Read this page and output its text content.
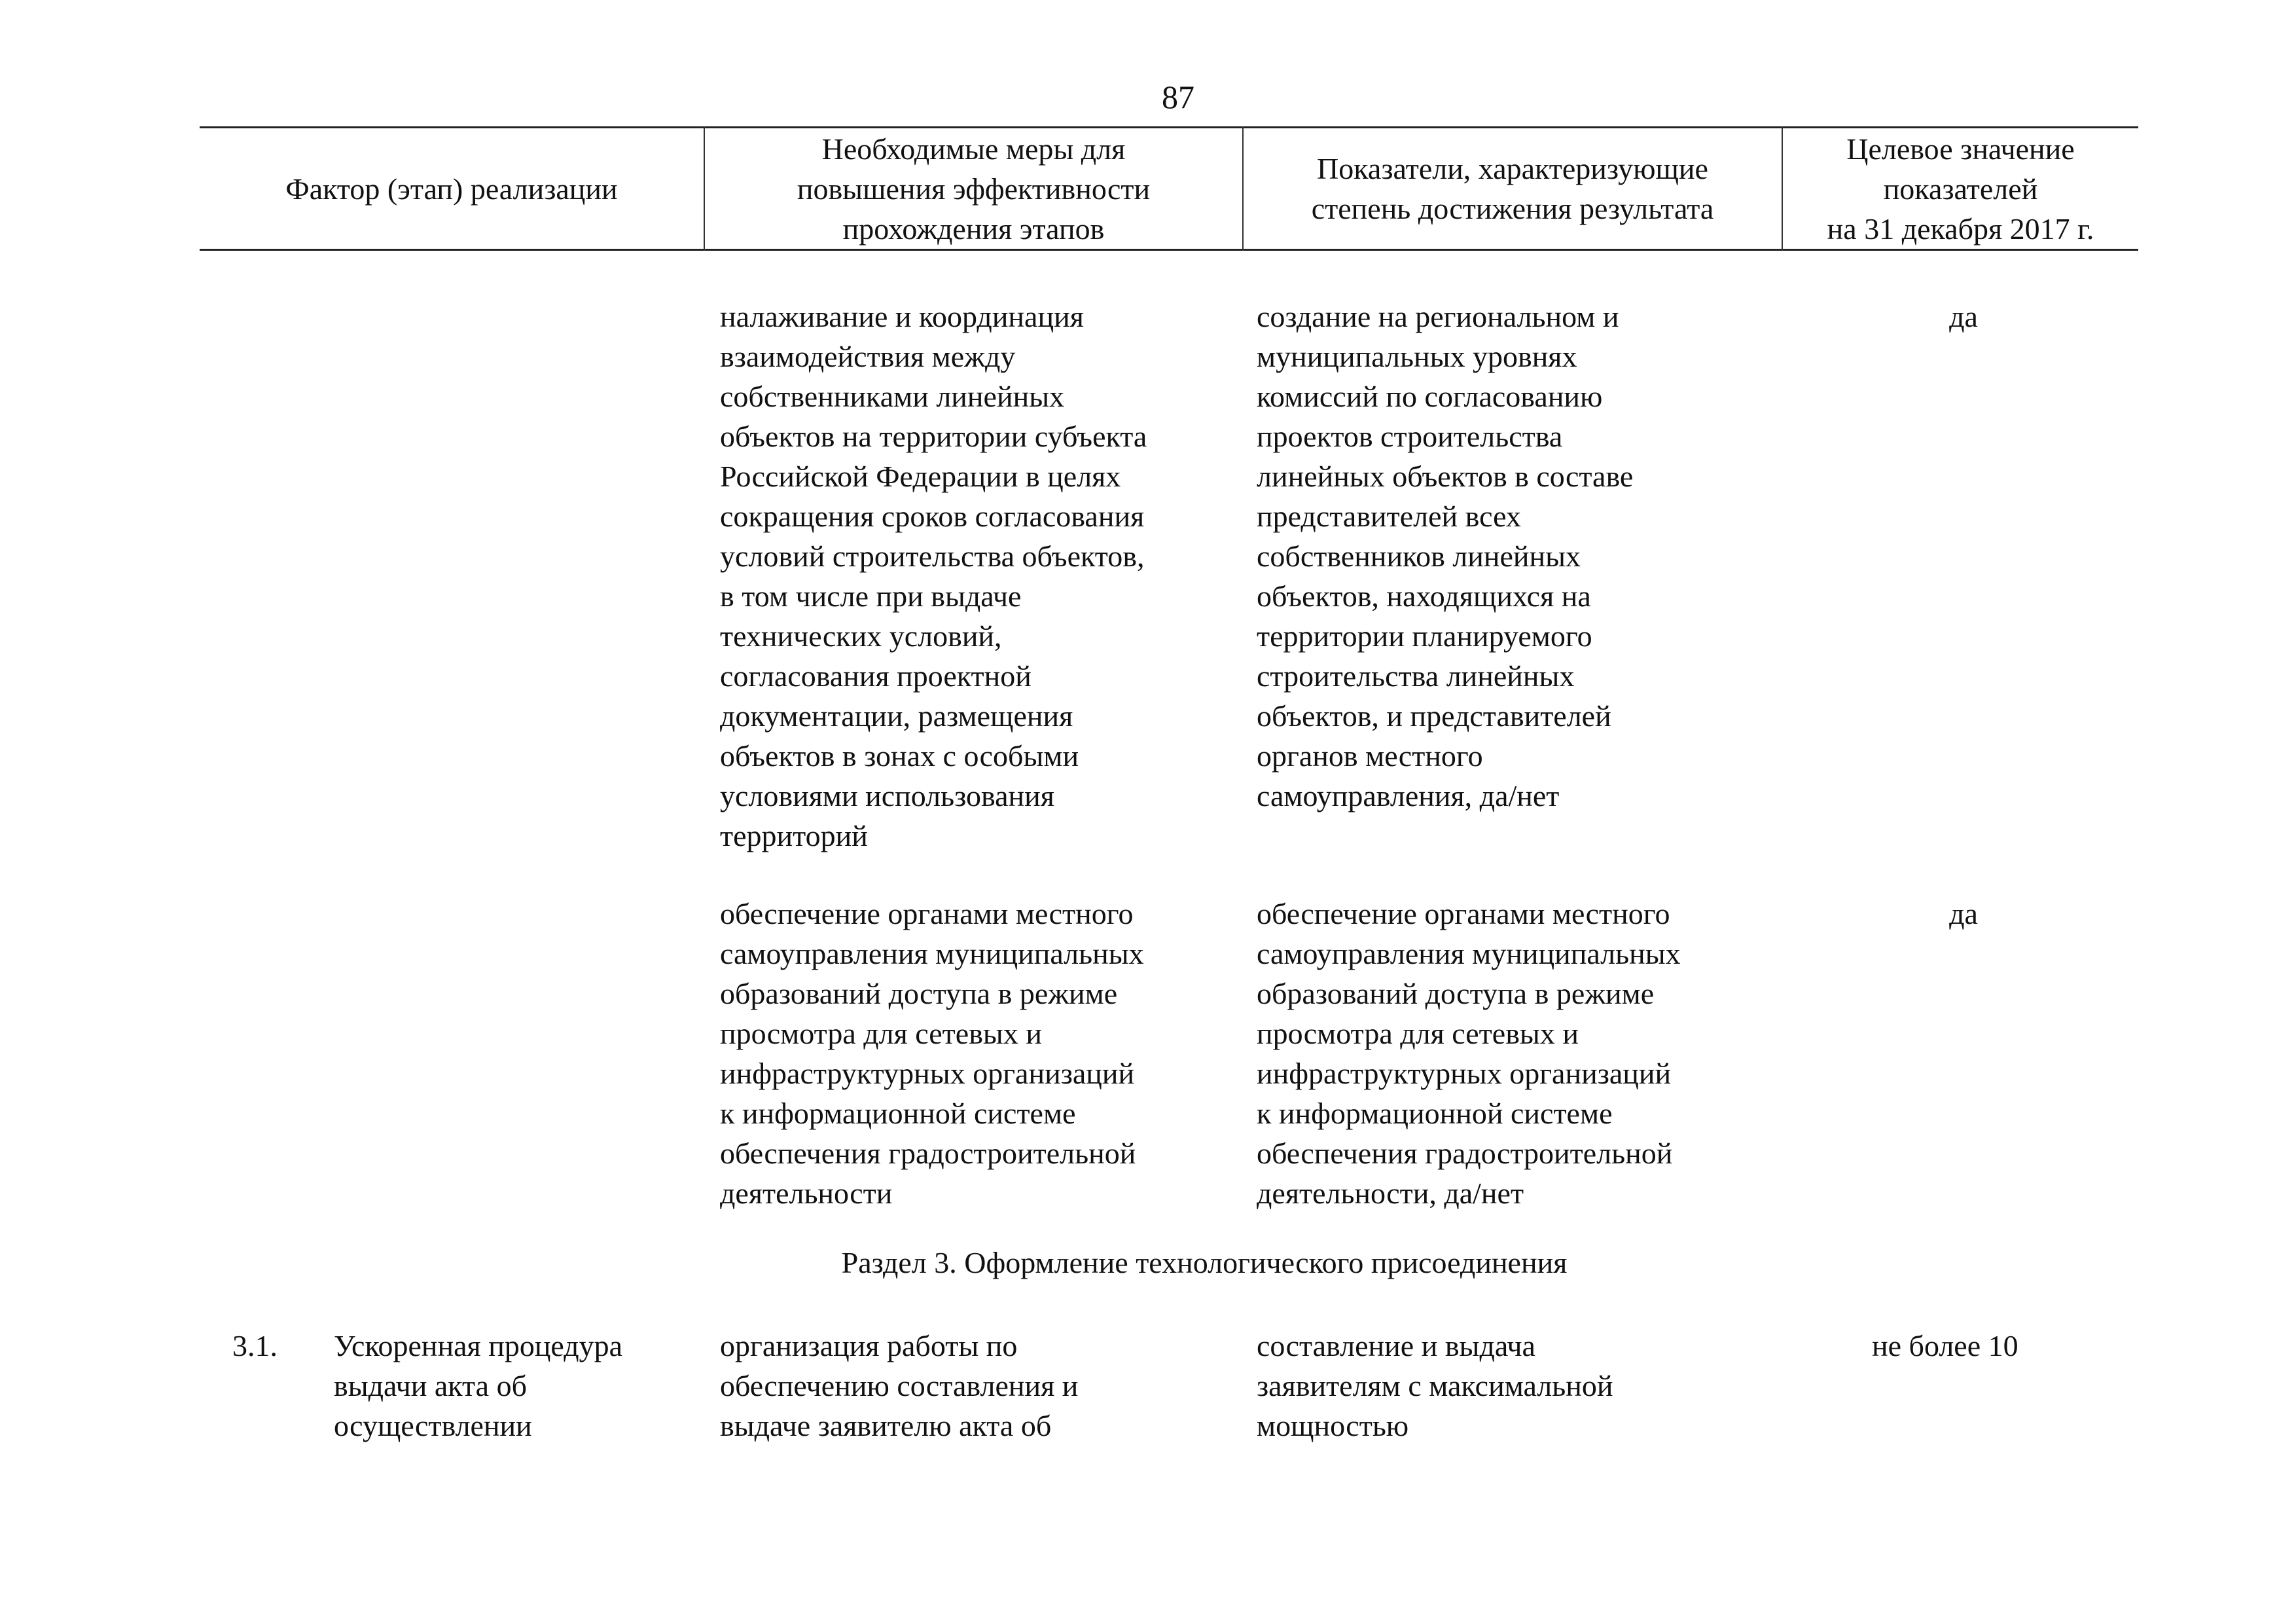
87
Фактор (этап) реализации
Необходимые меры для
повышения эффективности
прохождения этапов
Показатели, характеризующие
степень достижения результата
Целевое значение
показателей
на 31 декабря 2017 г.
налаживание и координация
взаимодействия между
собственниками линейных
объектов на территории субъекта
Российской Федерации в целях
сокращения сроков согласования
условий строительства объектов,
в том числе при выдаче
технических условий,
согласования проектной
документации, размещения
объектов в зонах с особыми
условиями использования
территорий
создание на региональном и
муниципальных уровнях
комиссий по согласованию
проектов строительства
линейных объектов в составе
представителей всех
собственников линейных
объектов, находящихся на
территории планируемого
строительства линейных
объектов, и представителей
органов местного
самоуправления, да/нет
да
обеспечение органами местного
самоуправления муниципальных
образований доступа в режиме
просмотра для сетевых и
инфраструктурных организаций
к информационной системе
обеспечения градостроительной
деятельности
обеспечение органами местного
самоуправления муниципальных
образований доступа в режиме
просмотра для сетевых и
инфраструктурных организаций
к информационной системе
обеспечения градостроительной
деятельности, да/нет
да
Раздел 3. Оформление технологического присоединения
3.1.	Ускоренная процедура
выдачи акта об
осуществлении
организация работы по
обеспечению составления и
выдаче заявителю акта об
составление и выдача
заявителям с максимальной
мощностью
не более 10
